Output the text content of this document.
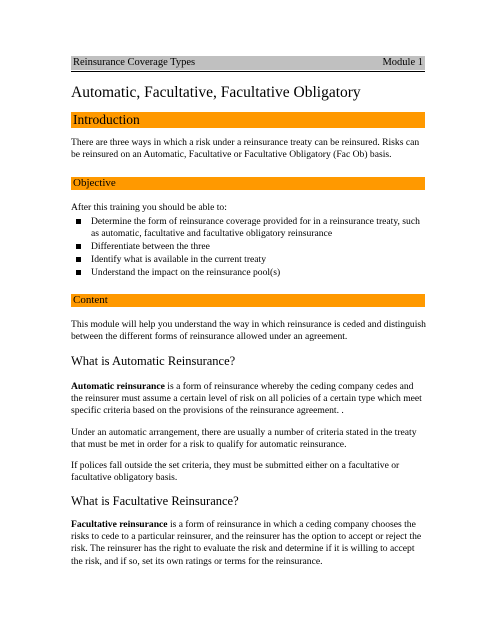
Reinsurance Coverage Types	Module 1
Automatic, Facultative, Facultative Obligatory
Introduction
There are three ways in which a risk under a reinsurance treaty can be reinsured. Risks can be reinsured on an Automatic, Facultative or Facultative Obligatory (Fac Ob) basis.
Objective
After this training you should be able to:
Determine the form of reinsurance coverage provided for in a reinsurance treaty, such as automatic, facultative and facultative obligatory reinsurance
Differentiate between the three
Identify what is available in the current treaty
Understand the impact on the reinsurance pool(s)
Content
This module will help you understand the way in which reinsurance is ceded and distinguish between the different forms of reinsurance allowed under an agreement.
What is Automatic Reinsurance?
Automatic reinsurance is a form of reinsurance whereby the ceding company cedes and the reinsurer must assume a certain level of risk on all policies of a certain type which meet specific criteria based on the provisions of the reinsurance agreement. .
Under an automatic arrangement, there are usually a number of criteria stated in the treaty that must be met in order for a risk to qualify for automatic reinsurance.
If polices fall outside the set criteria, they must be submitted either on a facultative or facultative obligatory basis.
What is Facultative Reinsurance?
Facultative reinsurance is a form of reinsurance in which a ceding company chooses the risks to cede to a particular reinsurer, and the reinsurer has the option to accept or reject the risk. The reinsurer has the right to evaluate the risk and determine if it is willing to accept the risk, and if so, set its own ratings or terms for the reinsurance.
